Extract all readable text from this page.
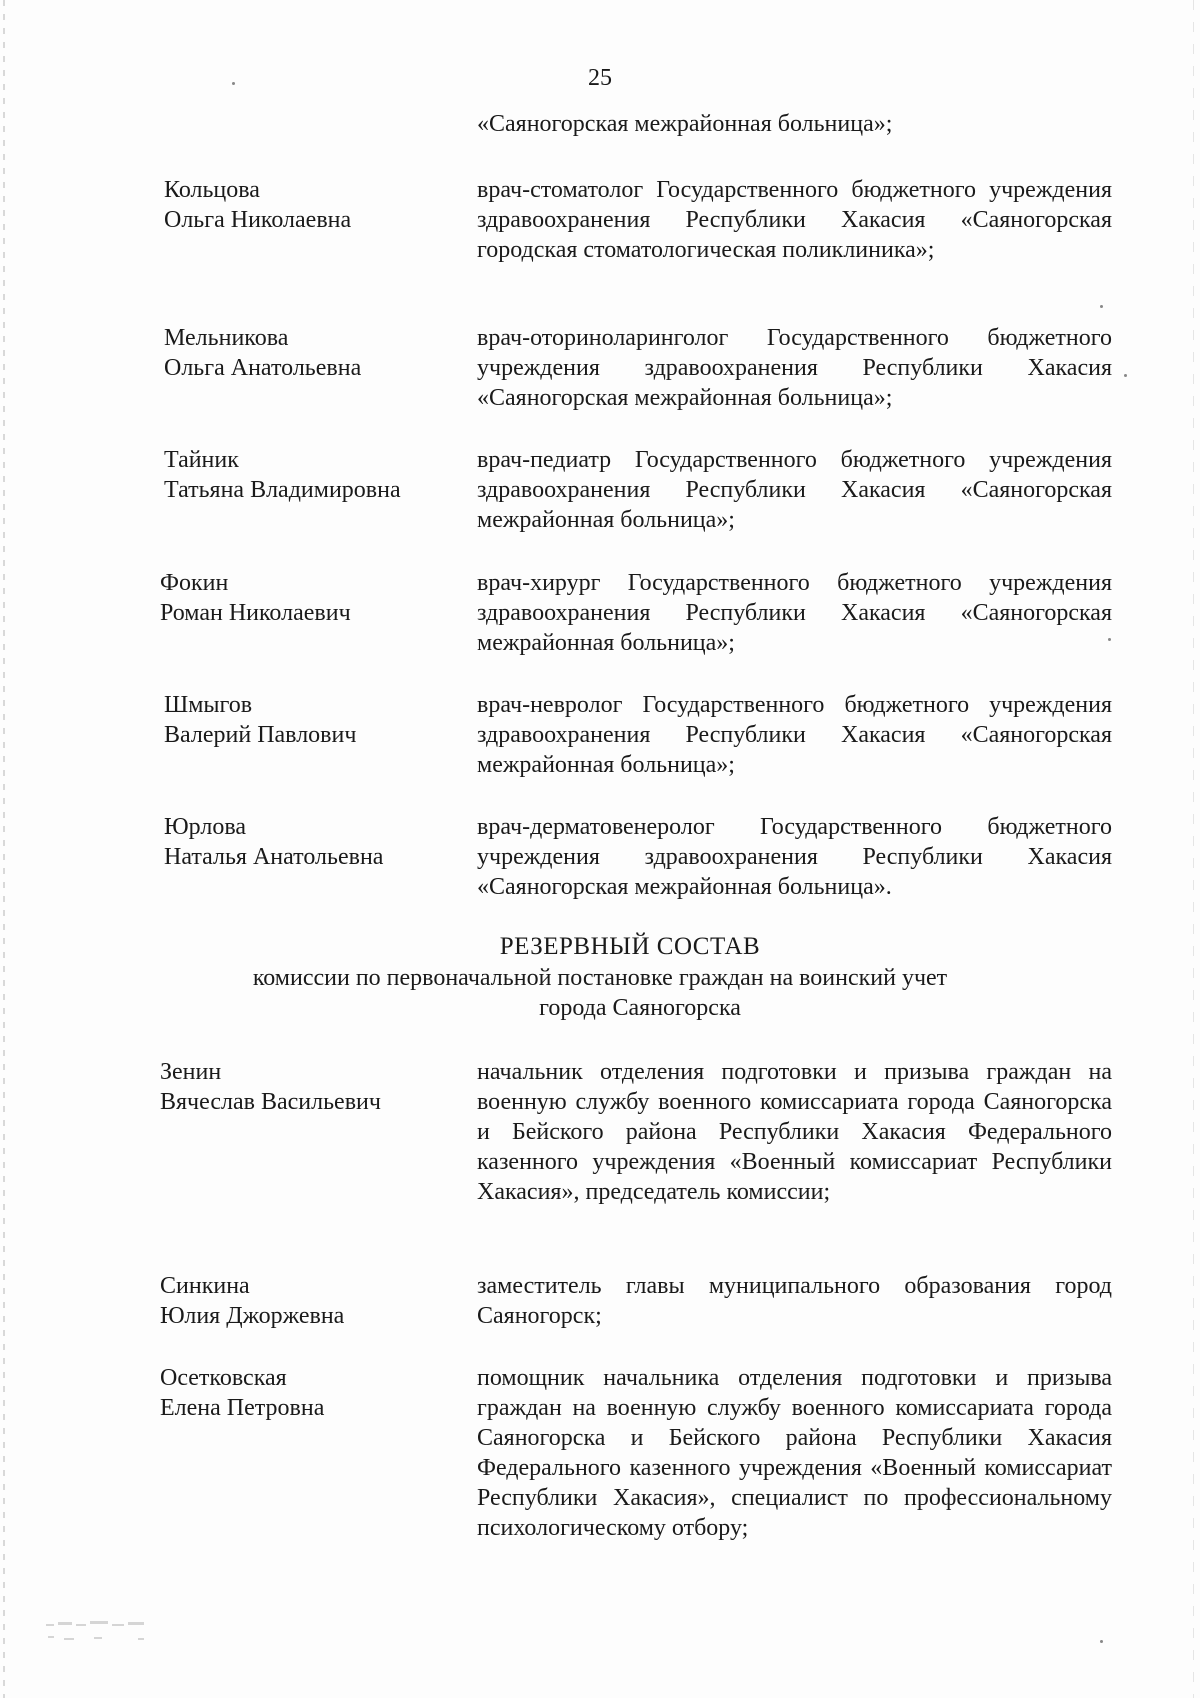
25
«Саяногорская межрайонная больница»;
Кольцова
Ольга Николаевна
врач-стоматолог Государственного бюджетного учреждения здравоохранения Республики Хакасия «Саяногорская городская стоматологическая поликлиника»;
Мельникова
Ольга Анатольевна
врач-оториноларинголог Государственного бюджетного учреждения здравоохранения Республики Хакасия «Саяногорская межрайонная больница»;
Тайник
Татьяна Владимировна
врач-педиатр Государственного бюджетного учреждения здравоохранения Республики Хакасия «Саяногорская межрайонная больница»;
Фокин
Роман Николаевич
врач-хирург Государственного бюджетного учреждения здравоохранения Республики Хакасия «Саяногорская межрайонная больница»;
Шмыгов
Валерий Павлович
врач-невролог Государственного бюджетного учреждения здравоохранения Республики Хакасия «Саяногорская межрайонная больница»;
Юрлова
Наталья Анатольевна
врач-дерматовенеролог Государственного бюджетного учреждения здравоохранения Республики Хакасия «Саяногорская межрайонная больница».
РЕЗЕРВНЫЙ СОСТАВ
комиссии по первоначальной постановке граждан на воинский учет
города Саяногорска
Зенин
Вячеслав Васильевич
начальник отделения подготовки и призыва граждан на военную службу военного комиссариата города Саяногорска и Бейского района Республики Хакасия Федерального казенного учреждения «Военный комиссариат Республики Хакасия», председатель комиссии;
Синкина
Юлия Джоржевна
заместитель главы муниципального образования город Саяногорск;
Осетковская
Елена Петровна
помощник начальника отделения подготовки и призыва граждан на военную службу военного комиссариата города Саяногорска и Бейского района Республики Хакасия Федерального казенного учреждения «Военный комиссариат Республики Хакасия», специалист по профессиональному психологическому отбору;
